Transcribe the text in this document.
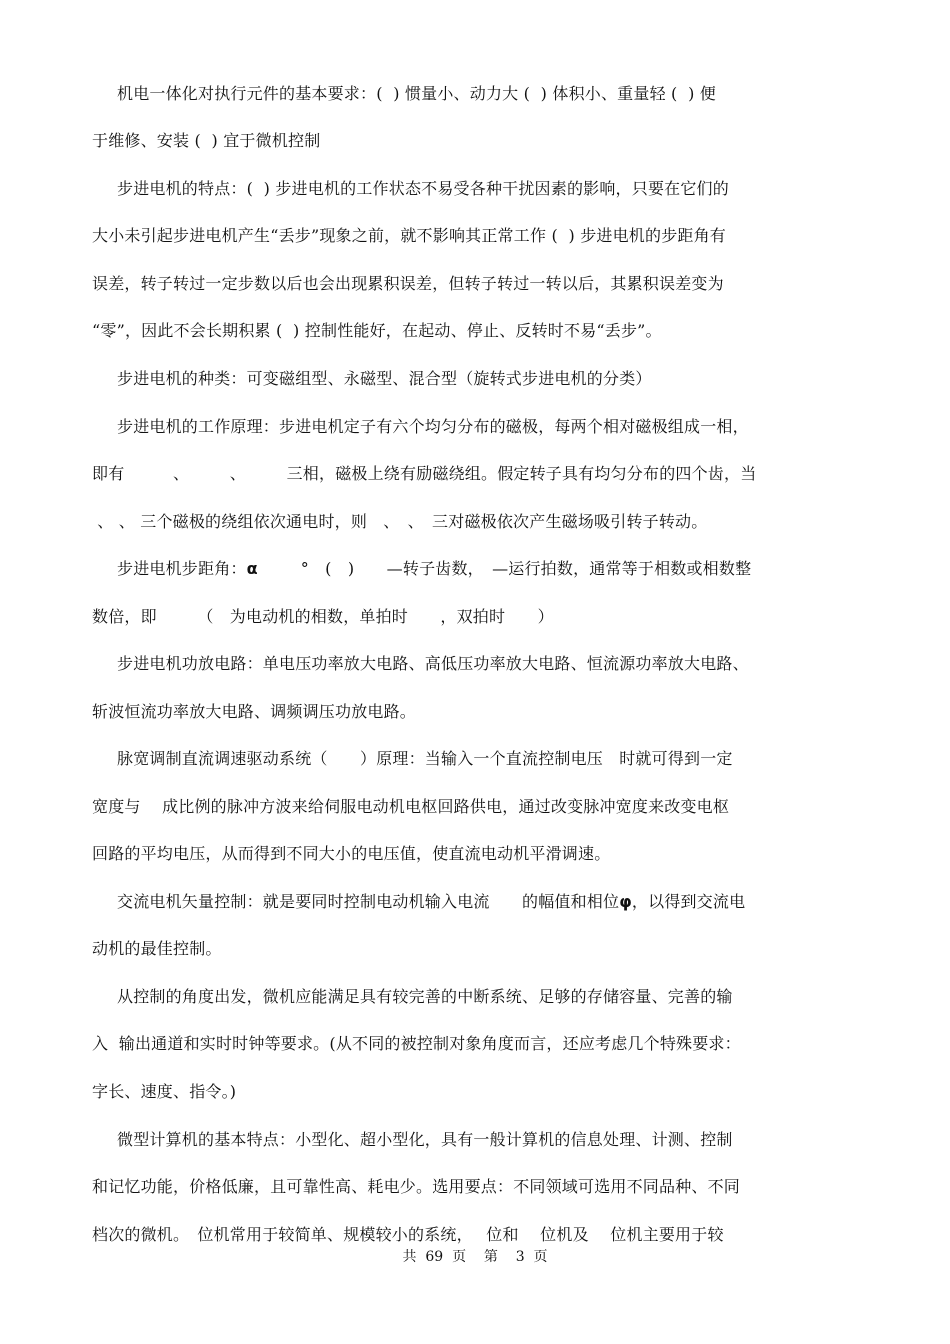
机电一体化对执行元件的基本要求：(  ) 惯量小、动力大 (  ) 体积小、重量轻 (  ) 便
于维修、安装 (  ) 宜于微机控制
步进电机的特点：(  ) 步进电机的工作状态不易受各种干扰因素的影响，只要在它们的
大小未引起步进电机产生“丢步”现象之前，就不影响其正常工作 (  ) 步进电机的步距角有
误差，转子转过一定步数以后也会出现累积误差，但转子转过一转以后，其累积误差变为
“零”，因此不会长期积累 (  ) 控制性能好，在起动、停止、反转时不易“丢步”。
步进电机的种类：可变磁组型、永磁型、混合型（旋转式步进电机的分类）
步进电机的工作原理：步进电机定子有六个均匀分布的磁极，每两个相对磁极组成一相，
即有　　　、　　　、　　　三相，磁极上绕有励磁绕组。假定转子具有均匀分布的四个齿，当
、 、 三个磁极的绕组依次通电时，则　、　、　三对磁极依次产生磁场吸引转子转动。
步进电机步距角：α　　  °　(　)　　—转子齿数，　—运行拍数，通常等于相数或相数整
数倍，即　　　（　为电动机的相数，单拍时　　，双拍时　　）
步进电机功放电路：单电压功率放大电路、高低压功率放大电路、恒流源功率放大电路、
斩波恒流功率放大电路、调频调压功放电路。
脉宽调制直流调速驱动系统（　　）原理：当输入一个直流控制电压　时就可得到一定
宽度与　 成比例的脉冲方波来给伺服电动机电枢回路供电，通过改变脉冲宽度来改变电枢
回路的平均电压，从而得到不同大小的电压值，使直流电动机平滑调速。
交流电机矢量控制：就是要同时控制电动机输入电流　　的幅值和相位φ，以得到交流电
动机的最佳控制。
从控制的角度出发，微机应能满足具有较完善的中断系统、足够的存储容量、完善的输
入  输出通道和实时时钟等要求。(从不同的被控制对象角度而言，还应考虑几个特殊要求：
字长、速度、指令。)
微型计算机的基本特点：小型化、超小型化，具有一般计算机的信息处理、计测、控制
和记忆功能，价格低廉，且可靠性高、耗电少。选用要点：不同领域可选用不同品种、不同
档次的微机。　位机常用于较简单、规模较小的系统，　 位和　 位机及　 位机主要用于较
共  69  页    第    3  页
